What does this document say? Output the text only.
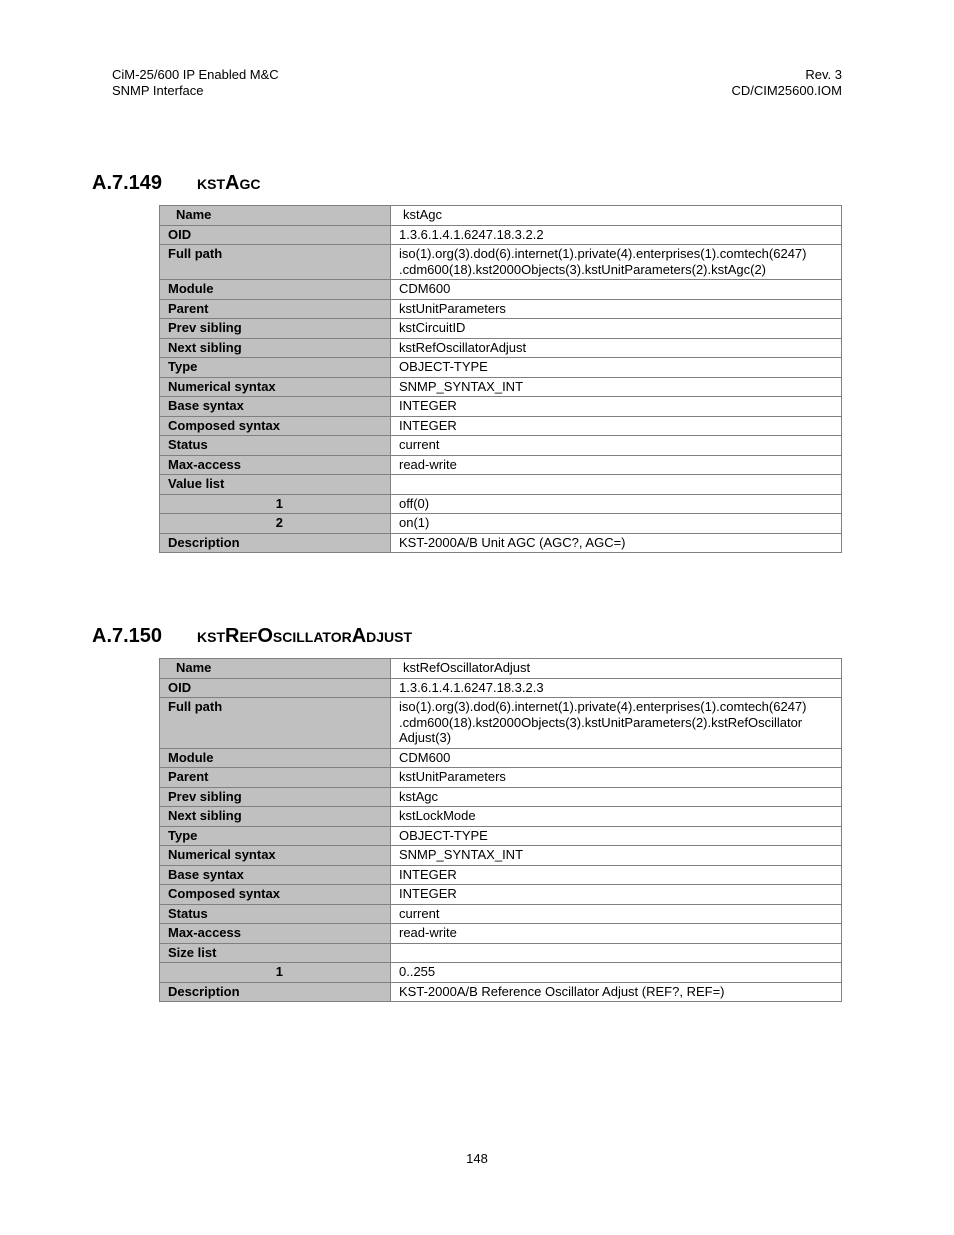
CiM-25/600 IP Enabled M&C
SNMP Interface
Rev. 3
CD/CIM25600.IOM
A.7.149 kstAgc
Name	kstAgc
OID	1.3.6.1.4.1.6247.18.3.2.2
Full path	iso(1).org(3).dod(6).internet(1).private(4).enterprises(1).comtech(6247) .cdm600(18).kst2000Objects(3).kstUnitParameters(2).kstAgc(2)
Module	CDM600
Parent	kstUnitParameters
Prev sibling	kstCircuitID
Next sibling	kstRefOscillatorAdjust
Type	OBJECT-TYPE
Numerical syntax	SNMP_SYNTAX_INT
Base syntax	INTEGER
Composed syntax	INTEGER
Status	current
Max-access	read-write
Value list	
1	off(0)
2	on(1)
Description	KST-2000A/B Unit AGC (AGC?, AGC=)
A.7.150 kstRefOscillatorAdjust
Name	kstRefOscillatorAdjust
OID	1.3.6.1.4.1.6247.18.3.2.3
Full path	iso(1).org(3).dod(6).internet(1).private(4).enterprises(1).comtech(6247) .cdm600(18).kst2000Objects(3).kstUnitParameters(2).kstRefOscillator Adjust(3)
Module	CDM600
Parent	kstUnitParameters
Prev sibling	kstAgc
Next sibling	kstLockMode
Type	OBJECT-TYPE
Numerical syntax	SNMP_SYNTAX_INT
Base syntax	INTEGER
Composed syntax	INTEGER
Status	current
Max-access	read-write
Size list	
1	0..255
Description	KST-2000A/B Reference Oscillator Adjust (REF?, REF=)
148
